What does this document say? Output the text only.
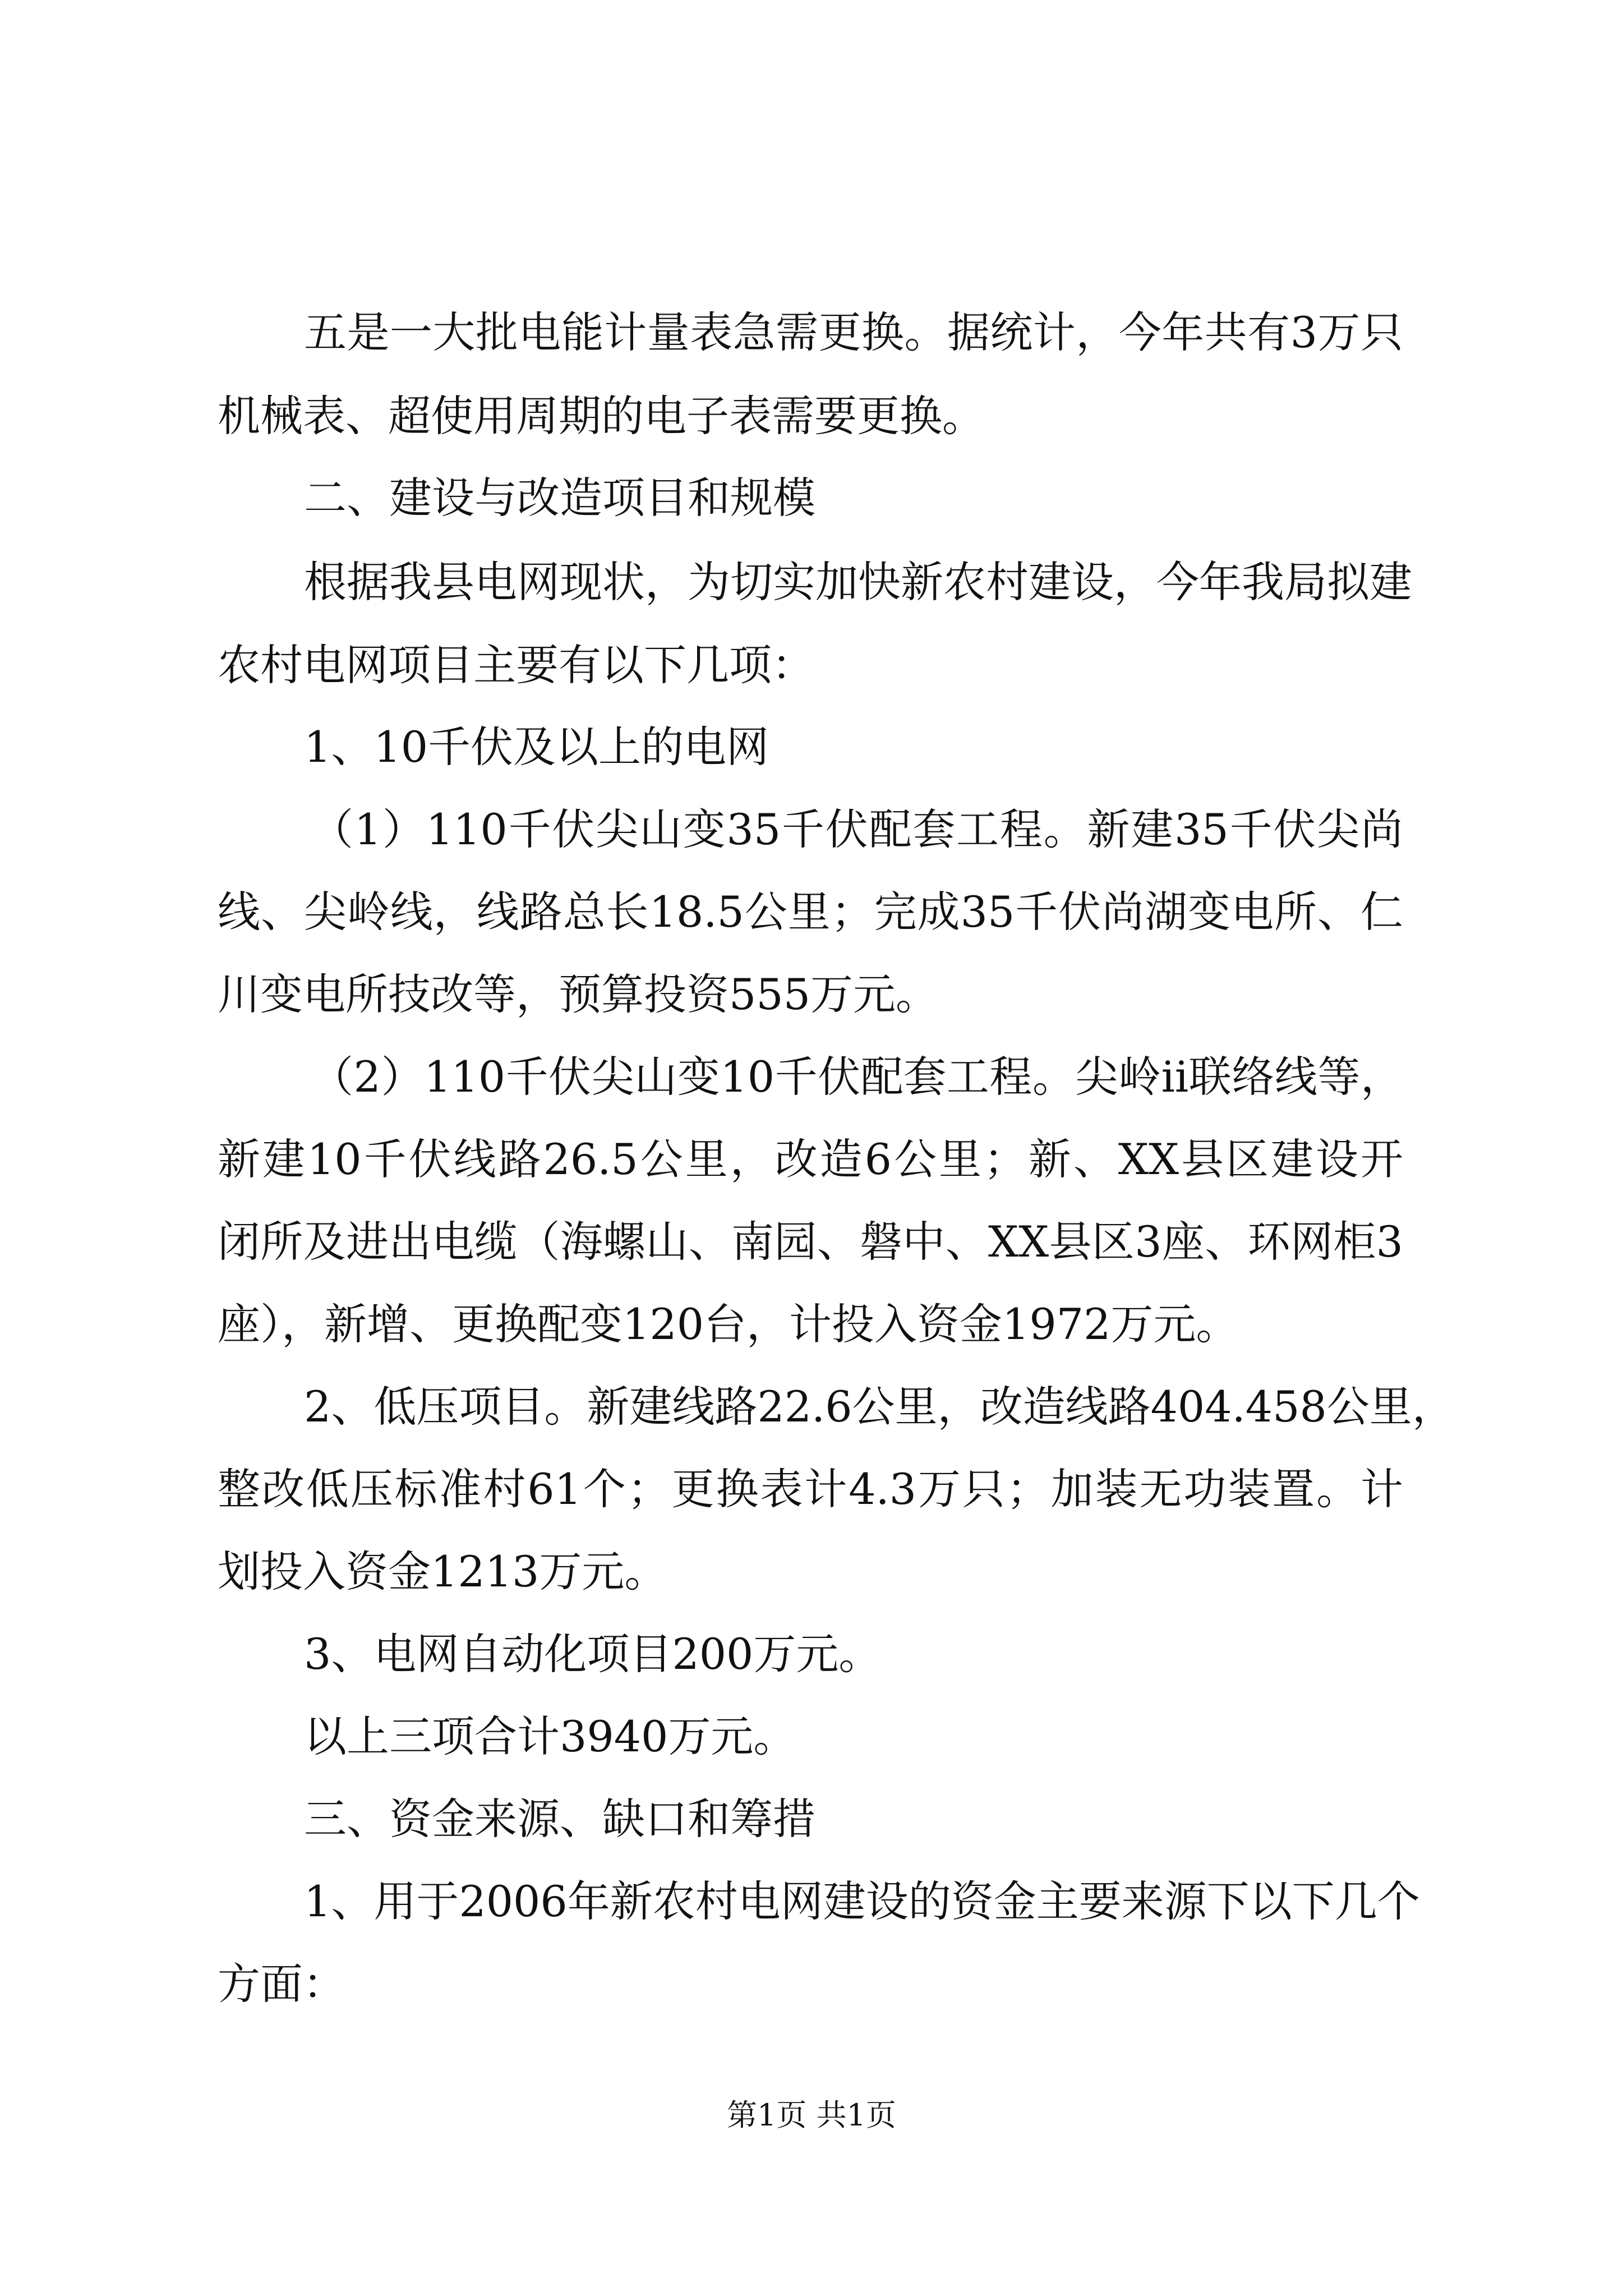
五是一大批电能计量表急需更换。据统计，今年共有3万只
机械表、超使用周期的电子表需要更换。
二、建设与改造项目和规模
根据我县电网现状，为切实加快新农村建设，今年我局拟建
农村电网项目主要有以下几项：
1、10千伏及以上的电网
（1）110千伏尖山变35千伏配套工程。新建35千伏尖尚
线、尖岭线，线路总长18.5公里；完成35千伏尚湖变电所、仁
川变电所技改等，预算投资555万元。
（2）110千伏尖山变10千伏配套工程。尖岭ii联络线等，
新建10千伏线路26.5公里，改造6公里；新、XX县区建设开
闭所及进出电缆（海螺山、南园、磐中、XX县区3座、环网柜3
座），新增、更换配变120台，计投入资金1972万元。
2、低压项目。新建线路22.6公里，改造线路404.458公里，
整改低压标准村61个；更换表计4.3万只；加装无功装置。计
划投入资金1213万元。
3、电网自动化项目200万元。
以上三项合计3940万元。
三、资金来源、缺口和筹措
1、用于2006年新农村电网建设的资金主要来源下以下几个
方面：
第1页 共1页
